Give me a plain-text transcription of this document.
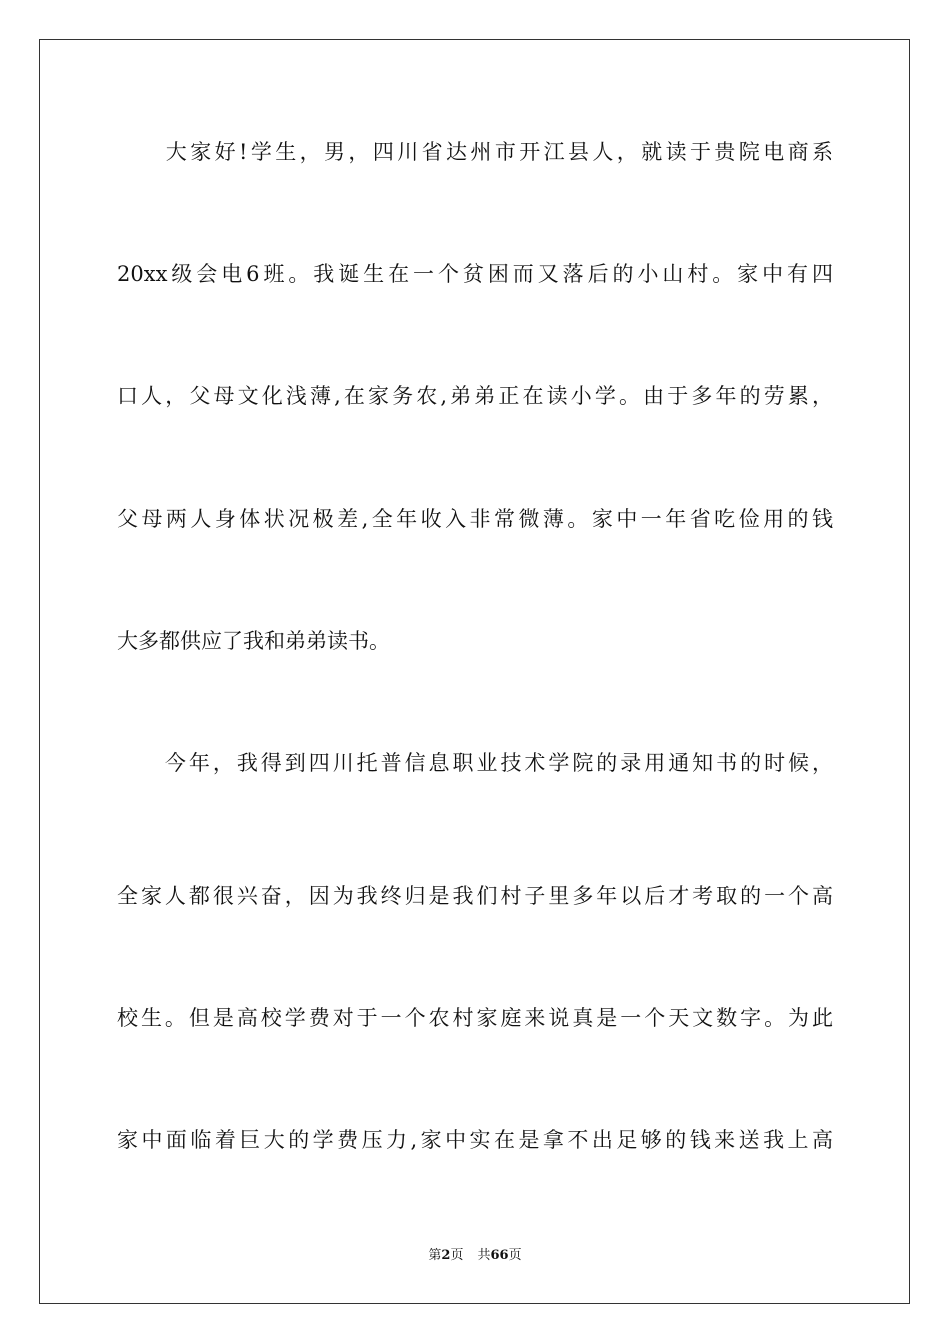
　　大家好!学生，男，四川省达州市开江县人，就读于贵院电商系
20xx级会电6班。我诞生在一个贫困而又落后的小山村。家中有四
口人，父母文化浅薄,在家务农,弟弟正在读小学。由于多年的劳累，
父母两人身体状况极差,全年收入非常微薄。家中一年省吃俭用的钱
大多都供应了我和弟弟读书。
　　今年，我得到四川托普信息职业技术学院的录用通知书的时候，
全家人都很兴奋，因为我终归是我们村子里多年以后才考取的一个高
校生。但是高校学费对于一个农村家庭来说真是一个天文数字。为此
家中面临着巨大的学费压力,家中实在是拿不出足够的钱来送我上高
第2页 共66页
